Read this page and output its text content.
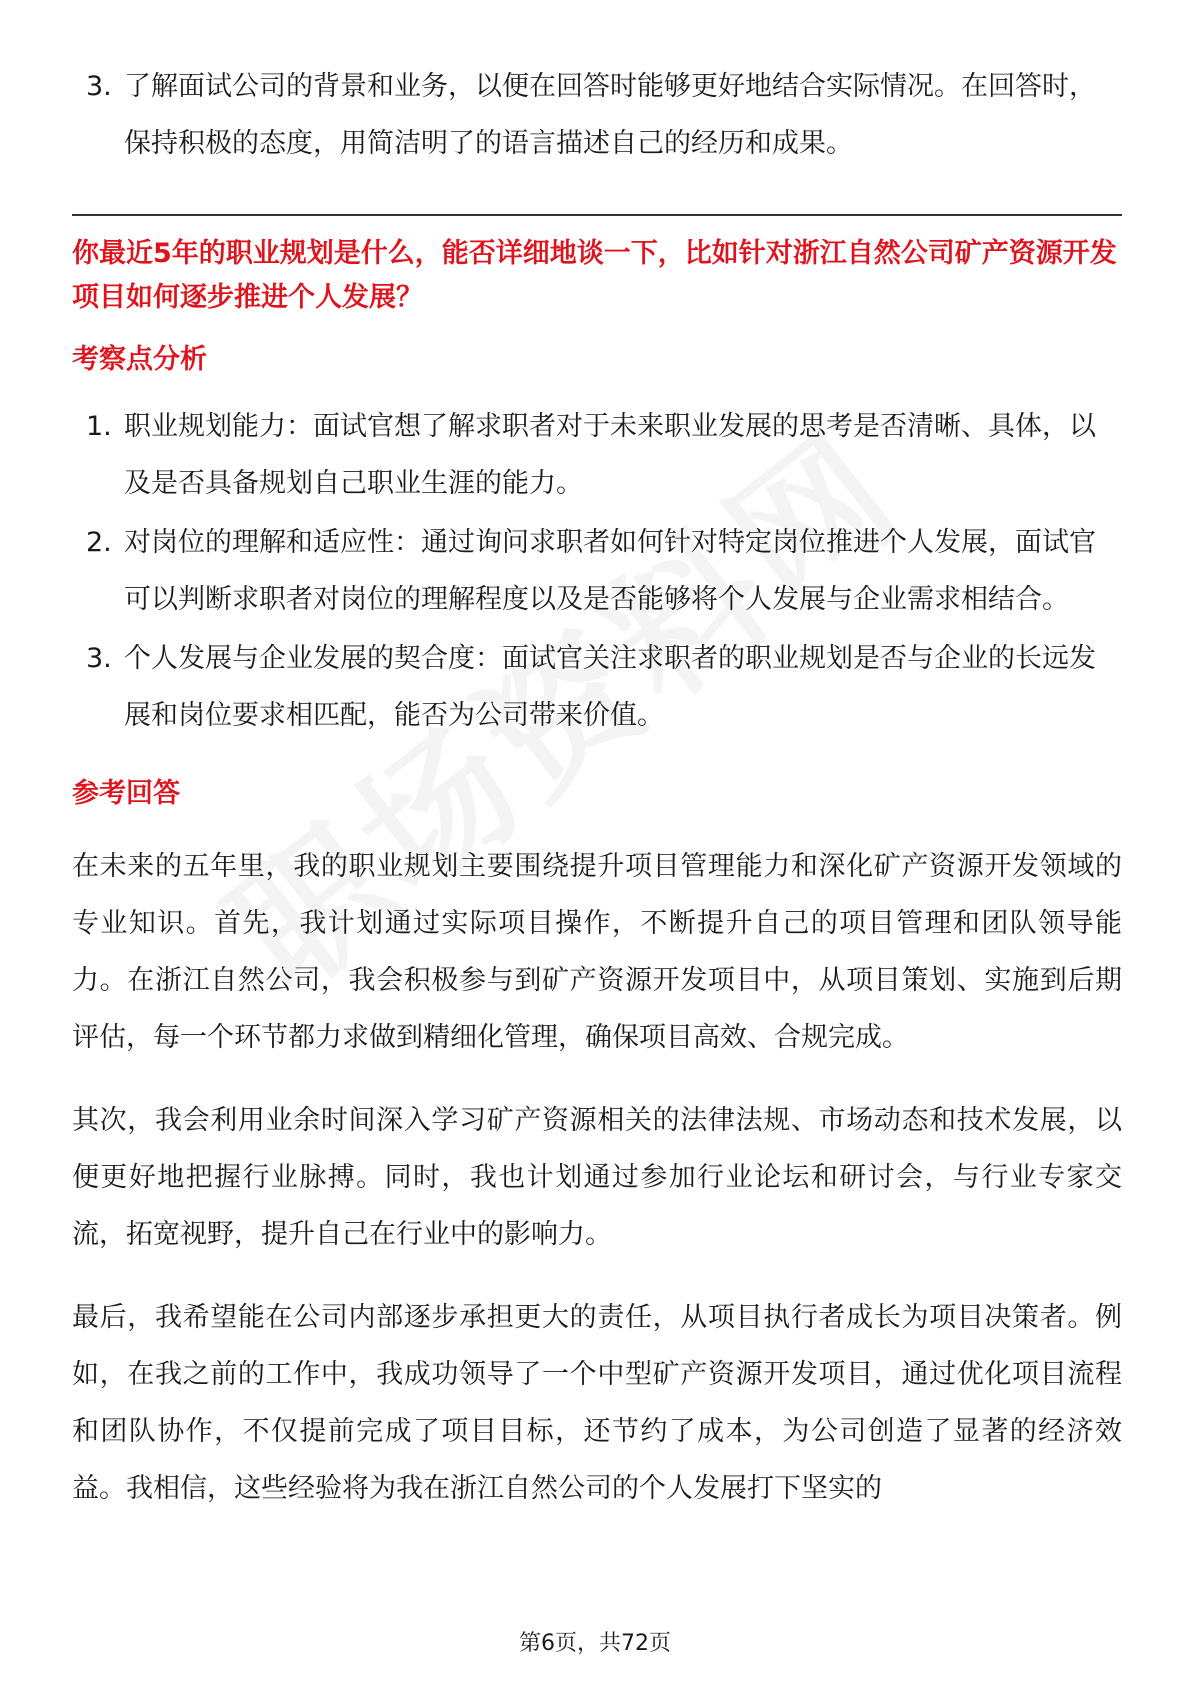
3. 了解面试公司的背景和业务，以便在回答时能够更好地结合实际情况。在回答时，保持积极的态度，用简洁明了的语言描述自己的经历和成果。
你最近5年的职业规划是什么，能否详细地谈一下，比如针对浙江自然公司矿产资源开发项目如何逐步推进个人发展？
考察点分析
1. 职业规划能力：面试官想了解求职者对于未来职业发展的思考是否清晰、具体，以及是否具备规划自己职业生涯的能力。
2. 对岗位的理解和适应性：通过询问求职者如何针对特定岗位推进个人发展，面试官可以判断求职者对岗位的理解程度以及是否能够将个人发展与企业需求相结合。
3. 个人发展与企业发展的契合度：面试官关注求职者的职业规划是否与企业的长远发展和岗位要求相匹配，能否为公司带来价值。
参考回答

在未来的五年里，我的职业规划主要围绕提升项目管理能力和深化矿产资源开发领域的专业知识。首先，我计划通过实际项目操作，不断提升自己的项目管理和团队领导能力。在浙江自然公司，我会积极参与到矿产资源开发项目中，从项目策划、实施到后期评估，每一个环节都力求做到精细化管理，确保项目高效、合规完成。

其次，我会利用业余时间深入学习矿产资源相关的法律法规、市场动态和技术发展，以便更好地把握行业脉搏。同时，我也计划通过参加行业论坛和研讨会，与行业专家交流，拓宽视野，提升自己在行业中的影响力。

最后，我希望能在公司内部逐步承担更大的责任，从项目执行者成长为项目决策者。例如，在我之前的工作中，我成功领导了一个中型矿产资源开发项目，通过优化项目流程和团队协作，不仅提前完成了项目目标，还节约了成本，为公司创造了显著的经济效益。我相信，这些经验将为我在浙江自然公司的个人发展打下坚实的

第6页，共72页
